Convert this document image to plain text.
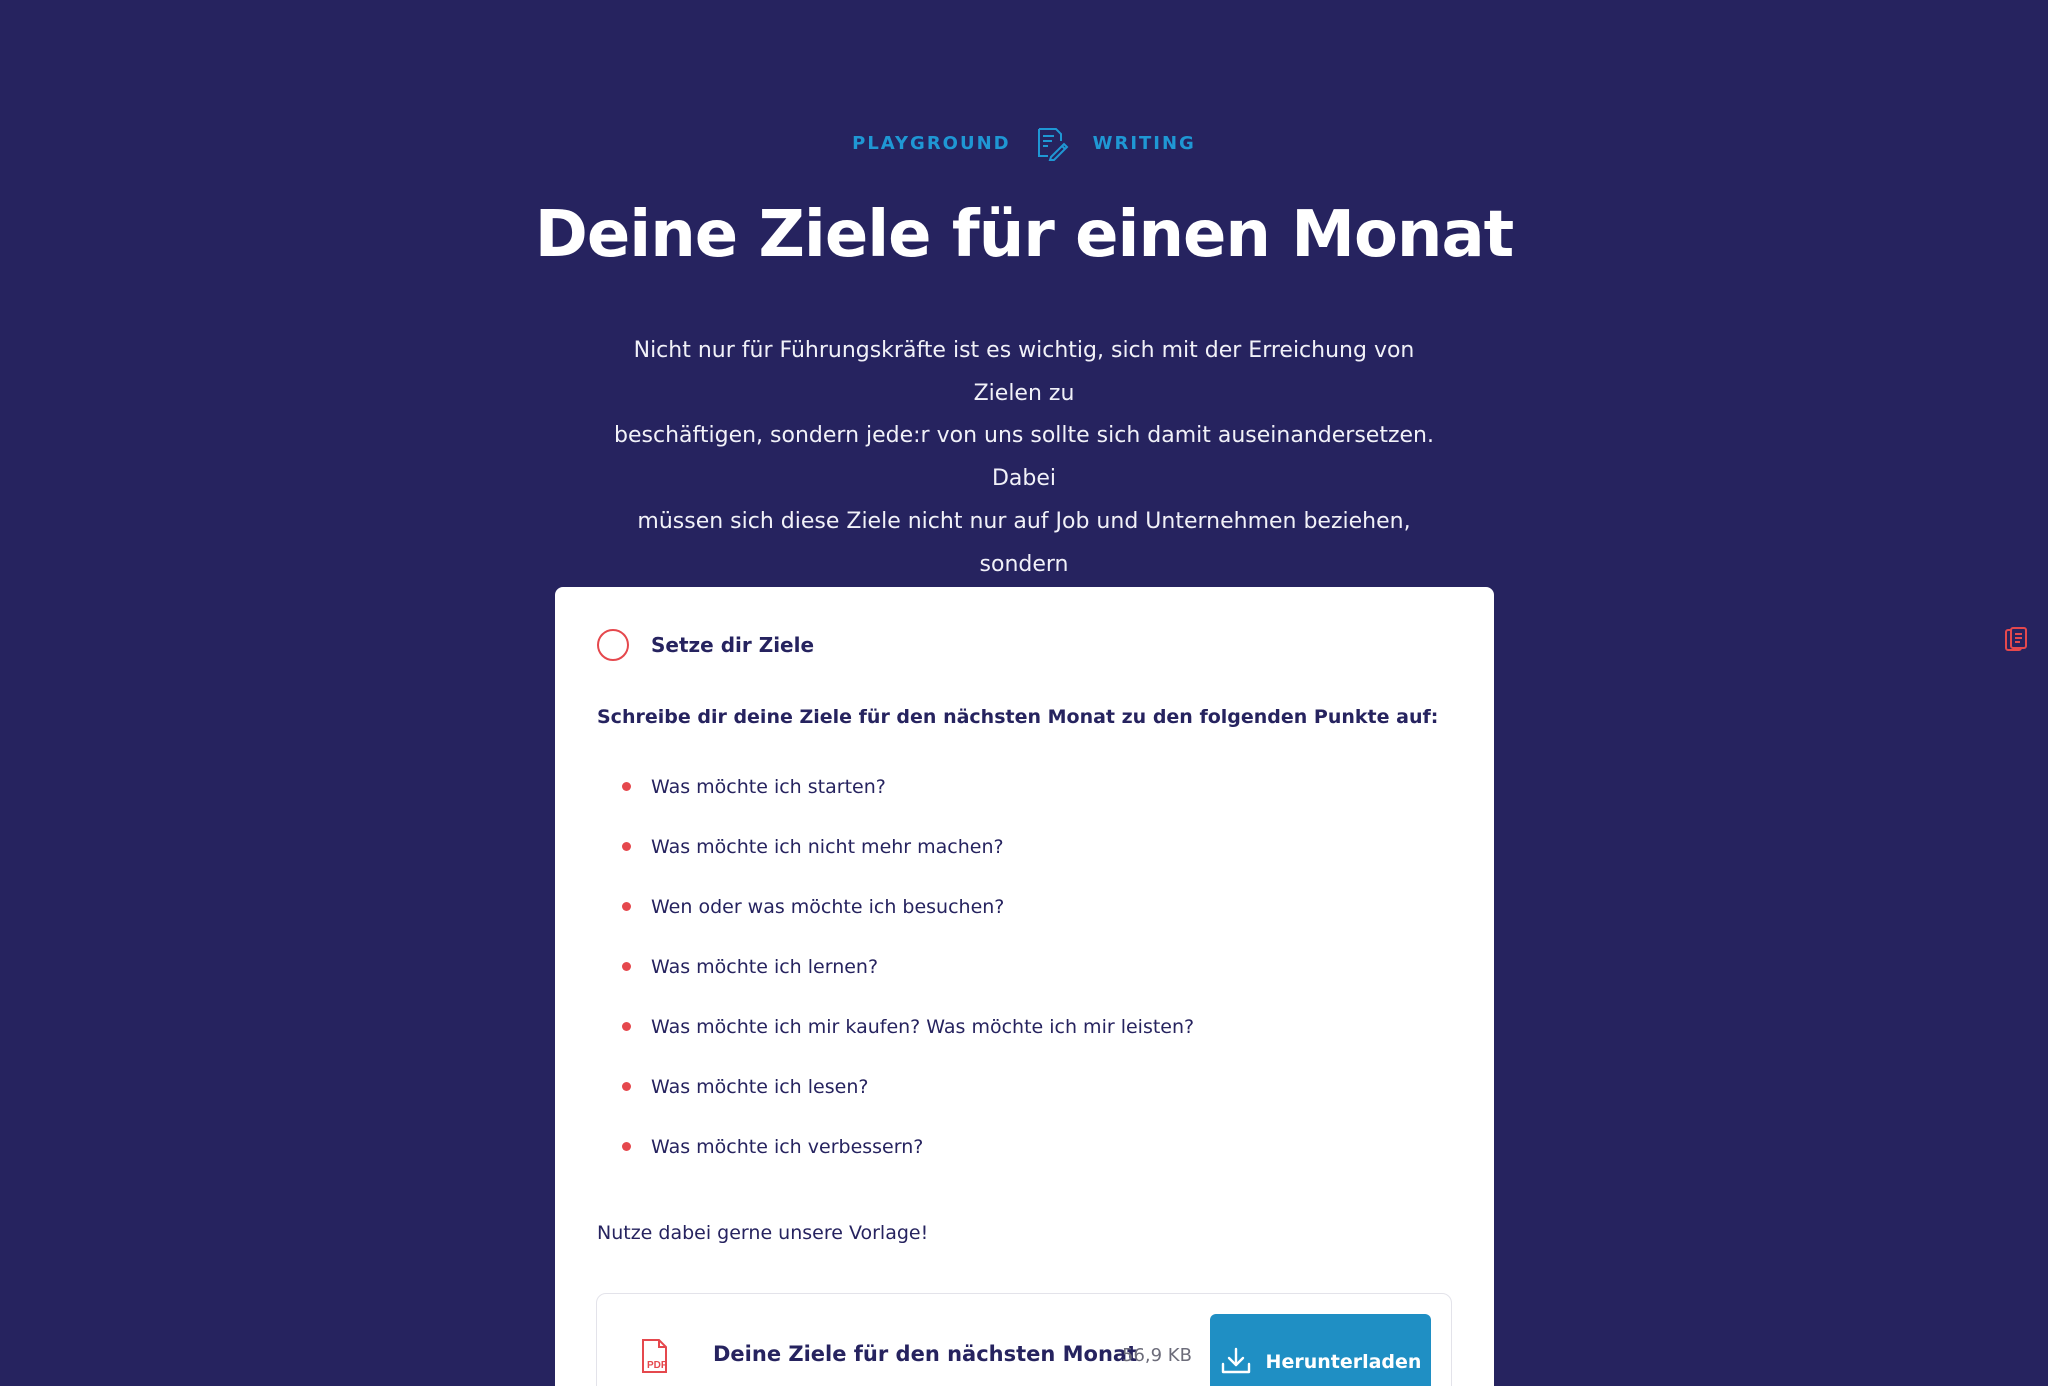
PLAYGROUND	WRITING
Deine Ziele für einen Monat
Nicht nur für Führungskräfte ist es wichtig, sich mit der Erreichung von Zielen zu
beschäftigen, sondern jede:r von uns sollte sich damit auseinandersetzen. Dabei
müssen sich diese Ziele nicht nur auf Job und Unternehmen beziehen, sondern
Setze dir Ziele

Schreibe dir deine Ziele für den nächsten Monat zu den folgenden Punkte auf:

Was möchte ich starten?
Was möchte ich nicht mehr machen?
Wen oder was möchte ich besuchen?
Was möchte ich lernen?
Was möchte ich mir kaufen? Was möchte ich mir leisten?
Was möchte ich lesen?
Was möchte ich verbessern?

Nutze dabei gerne unsere Vorlage!

PDF Deine Ziele für den nächsten Monat
56,9 KB	Herunterladen
